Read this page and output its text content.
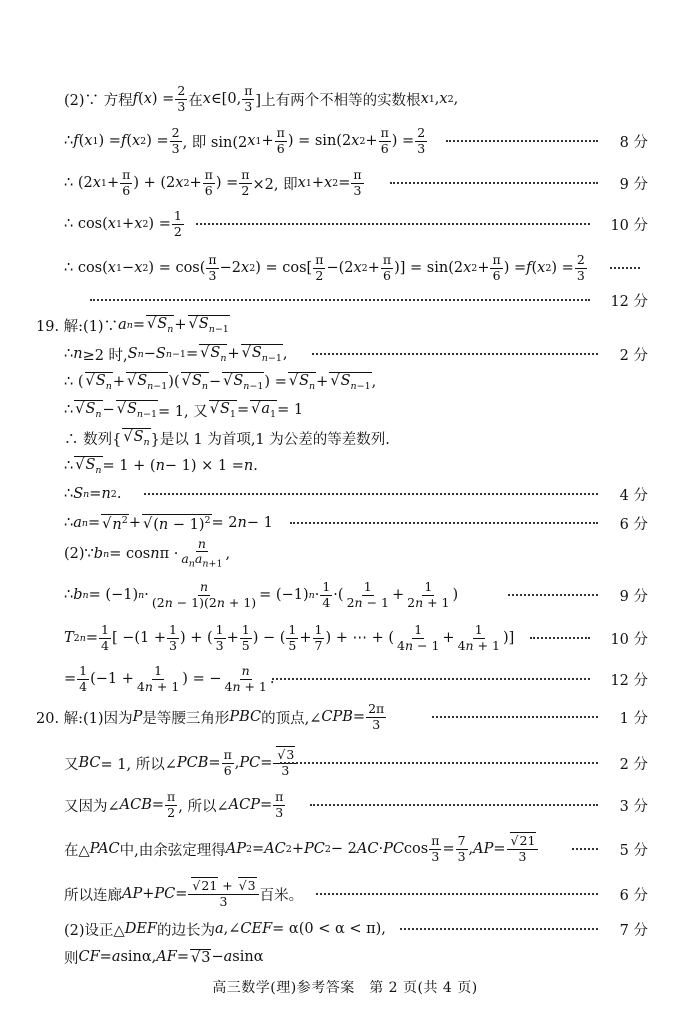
(2)∵ 方程 f ( x ) = $\frac{2}{3}$ 在 x ∈[0, $\frac{\pi}{3}$ ]上有两个不相等的实数根 x 1 , x 2 ,
∴ f ( x 1 ) = f ( x 2 ) = $\frac{2}{3}$ , 即 sin(2 x $1 + \frac{\pi}{6}$ ) = sin(2 x $2 + \frac{\pi}{6}$ ) = $\frac{2}{3}$	8 分
∴ (2 x $1 + \frac{\pi}{6}$ ) + (2 x $2 + \frac{\pi}{6}$ ) = $\frac{\pi}{2} \times 2$, 即 x 1 + x $2 = \frac{\pi}{3}$	9 分
∴ cos( x 1 + x 2 ) = $\frac{1}{2}$	10 分
∴ cos( x 1 − x 2 ) = $\cos( \frac{\pi}{3} -2$ x 2 ) = $\cos[ \frac{\pi}{2} -(2$ x $2 + \frac{\pi}{6}$ )] = sin(2 x $2 + \frac{\pi}{6}$ ) = f ( x 2 ) = $\frac{2}{3}$
12 分
19. 解:(1)∵ a n = √ $S_n$ + √ $S_{n-1}$
∴ n ≥2 时, S n − S n−1 = √ $S_n$ + √ $S_{n-1}$ ,	2 分
∴ ( √ $S_n$ + √ $S_{n-1}$ )( √ $S_n$ − √ $S_{n-1}$ ) = √ $S_n$ + √ $S_{n-1}$ ,
∴ √ $S_n$ − √ $S_{n-1} = 1$, 又 √ $S_1$ = √ $a_1 = 1$
∴ 数列{ √ $S_n$ }是以 1 为首项,1 为公差的等差数列.
∴ √ $S_n = 1$ + ( n − 1) × 1 = n .
∴ S n = n 2 .	4 分
∴ a n = √ $n^2$ + √ $(n - 1)^2 = 2$ n − 1	6 分
(2)∵ b n = cos n $\pi \cdot \frac{n}{a_na_{n+1}}$ ,
∴ b n = (−1) $n \cdot \frac{n}{(2n - 1)(2n + 1)} = (-1) n \cdot \frac{1}{4}$ ·( $\frac{1}{2n - 1} + \frac{1}{2n + 1}$ )	9 分
T $2n = \frac{1}{4}$ [ $-(1 + \frac{1}{3}$ ) + ( $\frac{1}{3} + \frac{1}{5}$ ) − ( $\frac{1}{5} + \frac{1}{7}$ ) + ⋯ + ( $\frac{1}{4n - 1} + \frac{1}{4n + 1}$ )]	10 分
= $\frac{1}{4} (-1 + \frac{1}{4n + 1}$ ) = − $\frac{n}{4n + 1}$ .	12 分
20. 解:(1)因为 P 是等腰三角形 PBC 的顶点,∠ CPB = $\frac{2\pi}{3}$	1 分
又 BC = 1, 所以∠ PCB = $\frac{\pi}{6}$ , PC = √ $\frac{3}{3}$	2 分
又因为∠ ACB = $\frac{\pi}{2}$ , 所以∠ ACP = $\frac{\pi}{3}$	3 分
在△ PAC 中,由余弦定理得 AP 2 = AC 2 + PC 2 − 2 AC · PC $\cos \frac{\pi}{3} = \frac{7}{3}$ , AP = √ $\frac{21}{3}$	5 分
所以连廊 AP + PC = √ $\frac{21 + √ 3}{3}$ 百米。	6 分
(2)设正△ DEF 的边长为 a ,∠ CEF = α(0 < α < π),	7 分
则 CF = a sinα, AF = √ 3 − a sinα
高三数学(理)参考答案　第 2 页(共 4 页)
